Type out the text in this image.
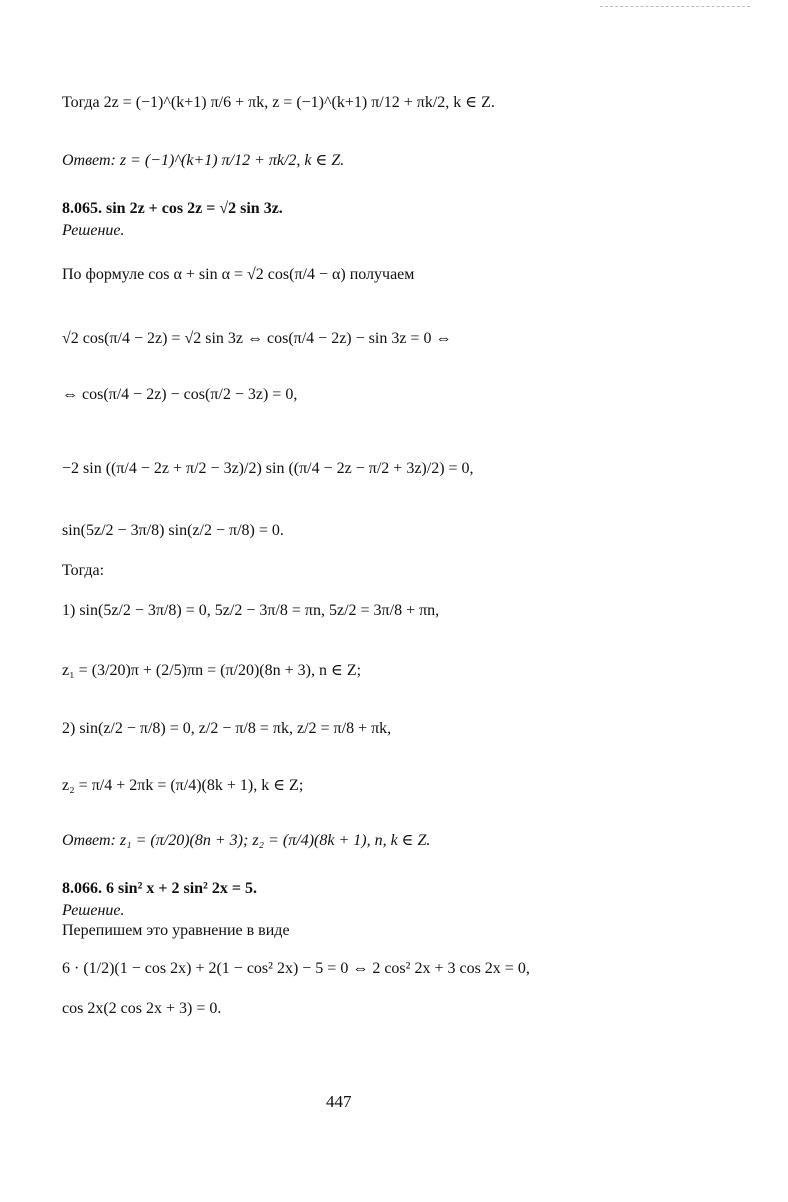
Тогда 2z = (−1)^(k+1) π/6 + πk, z = (−1)^(k+1) π/12 + πk/2, k ∈ Z.
Ответ: z = (−1)^(k+1) π/12 + πk/2, k ∈ Z.
8.065. sin 2z + cos 2z = √2 sin 3z.
Решение.
По формуле cos α + sin α = √2 cos(π/4 − α) получаем
√2 cos(π/4 − 2z) = √2 sin 3z ⇔ cos(π/4 − 2z) − sin 3z = 0 ⇔
⇔ cos(π/4 − 2z) − cos(π/2 − 3z) = 0,
−2 sin ((π/4 − 2z + π/2 − 3z)/2) sin ((π/4 − 2z − π/2 + 3z)/2) = 0,
sin(5z/2 − 3π/8) sin(z/2 − π/8) = 0.
Тогда:
1) sin(5z/2 − 3π/8) = 0, 5z/2 − 3π/8 = πn, 5z/2 = 3π/8 + πn,
z₁ = (3/20)π + (2/5)πn = (π/20)(8n + 3), n ∈ Z;
2) sin(z/2 − π/8) = 0, z/2 − π/8 = πk, z/2 = π/8 + πk,
z₂ = π/4 + 2πk = (π/4)(8k + 1), k ∈ Z;
Ответ: z₁ = (π/20)(8n + 3); z₂ = (π/4)(8k + 1), n, k ∈ Z.
8.066. 6 sin² x + 2 sin² 2x = 5.
Решение.
Перепишем это уравнение в виде
6 · (1/2)(1 − cos 2x) + 2(1 − cos² 2x) − 5 = 0 ⇔ 2 cos² 2x + 3 cos 2x = 0,
cos 2x(2 cos 2x + 3) = 0.
447
